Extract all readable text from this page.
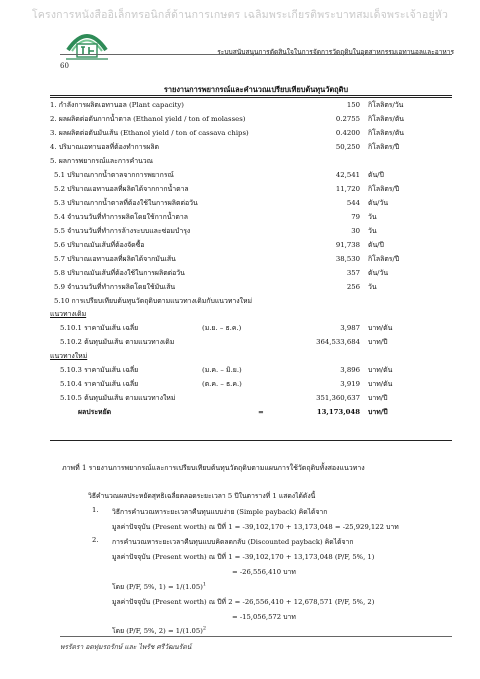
โครงการหนังสืออิเล็กทรอนิกส์ด้านการเกษตร เฉลิมพระเกียรติพระบาทสมเด็จพระเจ้าอยู่หัว
ระบบสนับสนุนการตัดสินใจในการจัดการวัตถุดิบในอุตสาหกรรมเอทานอลและอาหาร
60
รายงานการพยากรณ์และคำนวณเปรียบเทียบต้นทุนวัตถุดิบ
1. กำลังการผลิตเอทานอล (Plant capacity)	150 กิโลลิตร/วัน
2. ผลผลิตต่อตันกากน้ำตาล (Ethanol yield / ton of molasses)	0.2755 กิโลลิตร/ตัน
3. ผลผลิตต่อตันมันเส้น (Ethanol yield / ton of cassava chips)	0.4200 กิโลลิตร/ตัน
4. ปริมาณเอทานอลที่ต้องทำการผลิต	50,250 กิโลลิตร/ปี
5. ผลการพยากรณ์และการคำนวณ
5.1 ปริมาณกากน้ำตาลจากการพยากรณ์	42,541 ตัน/ปี
5.2 ปริมาณเอทานอลที่ผลิตได้จากกากน้ำตาล	11,720 กิโลลิตร/ปี
5.3 ปริมาณกากน้ำตาลที่ต้องใช้ในการผลิตต่อวัน	544 ตัน/วัน
5.4 จำนวนวันที่ทำการผลิตโดยใช้กากน้ำตาล	79 วัน
5.5 จำนวนวันที่ทำการล้างระบบและซ่อมบำรุง	30 วัน
5.6 ปริมาณมันเส้นที่ต้องจัดซื้อ	91,738 ตัน/ปี
5.7 ปริมาณเอทานอลที่ผลิตได้จากมันเส้น	38,530 กิโลลิตร/ปี
5.8 ปริมาณมันเส้นที่ต้องใช้ในการผลิตต่อวัน	357 ตัน/วัน
5.9 จำนวนวันที่ทำการผลิตโดยใช้มันเส้น	256 วัน
5.10 การเปรียบเทียบต้นทุนวัตถุดิบตามแนวทางเดิมกับแนวทางใหม่
แนวทางเดิม
5.10.1 ราคามันเส้น เฉลี่ย	(ม.ย. – ธ.ค.)	3,987 บาท/ตัน
5.10.2 ต้นทุนมันเส้น ตามแนวทางเดิม	364,533,684 บาท/ปี
แนวทางใหม่
5.10.3 ราคามันเส้น เฉลี่ย	(ม.ค. – มิ.ย.)	3,896 บาท/ตัน
5.10.4 ราคามันเส้น เฉลี่ย	(ต.ค. – ธ.ค.)	3,919 บาท/ตัน
5.10.5 ต้นทุนมันเส้น ตามแนวทางใหม่	351,360,637 บาท/ปี
ผลประหยัด	=	13,173,048 บาท/ปี
ภาพที่ 1 รายงานการพยากรณ์และการเปรียบเทียบต้นทุนวัตถุดิบตามแผนการใช้วัตถุดิบทั้งสองแนวทาง
วิธีคำนวณผลประหยัดสุทธิเฉลี่ยตลอดระยะเวลา 5 ปีในตารางที่ 1 แสดงได้ดังนี้
1. วิธีการคำนวณหาระยะเวลาคืนทุนแบบง่าย (Simple payback) คิดได้จาก
มูลค่าปัจจุบัน (Present worth) ณ ปีที่ 1 = -39,102,170 + 13,173,048 = -25,929,122 บาท
2. การคำนวณหาระยะเวลาคืนทุนแบบคิดลดกลับ (Discounted payback) คิดได้จาก
มูลค่าปัจจุบัน (Present worth) ณ ปีที่ 1 = -39,102,170 + 13,173,048 (P/F, 5%, 1)
= -26,556,410 บาท
โดย (P/F, 5%, $1) = 1/(1.05)^1$
มูลค่าปัจจุบัน (Present worth) ณ ปีที่ 2 = -26,556,410 + 12,678,571 (P/F, 5%, 2)
= -15,056,572 บาท
โดย (P/F, 5%, $2) = 1/(1.05)^2$
พรรัตรา อดทุ่มรถรักษ์ และ ไพรัช ศรีวัฒนรัตน์
